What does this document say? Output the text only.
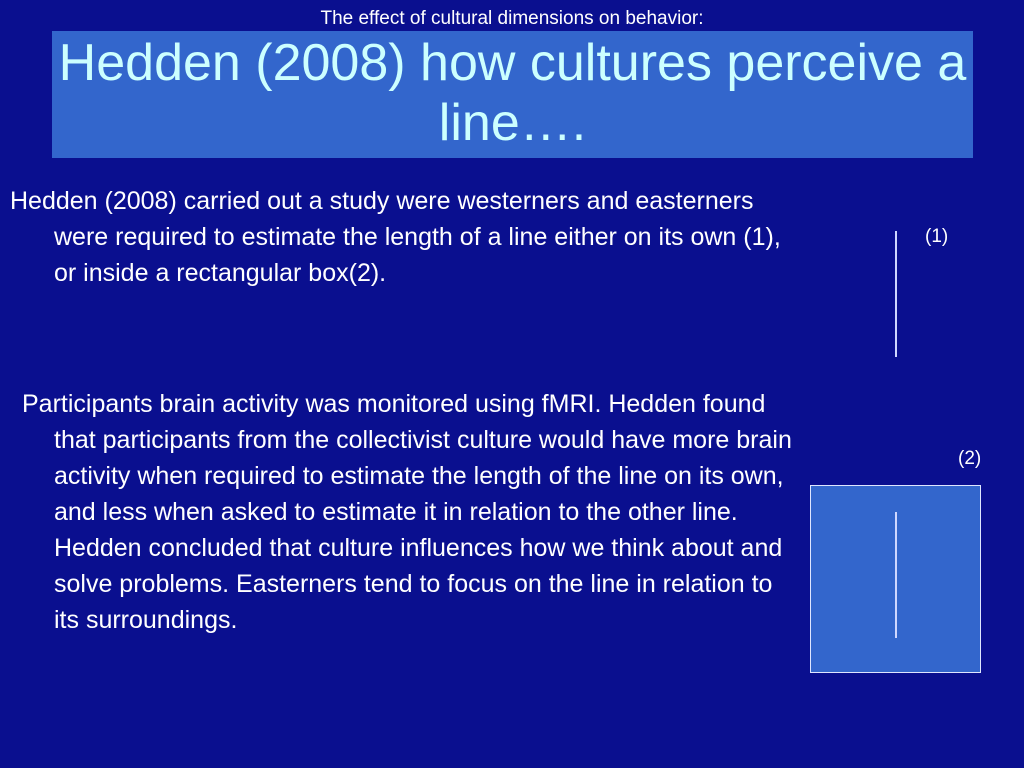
The effect of cultural dimensions on behavior:
Hedden (2008) how cultures perceive a line….
Hedden (2008) carried out a study were westerners and easterners were required to estimate the length of a line either on its own (1), or inside a rectangular box(2).
Participants brain activity was monitored using fMRI. Hedden found that participants from the collectivist culture would have more brain activity when required to estimate the length of the line on its own, and less when asked to estimate it in relation to the other line. Hedden concluded that culture influences how we think about and solve problems. Easterners tend to focus on the line in relation to its surroundings.
(1)
(2)
